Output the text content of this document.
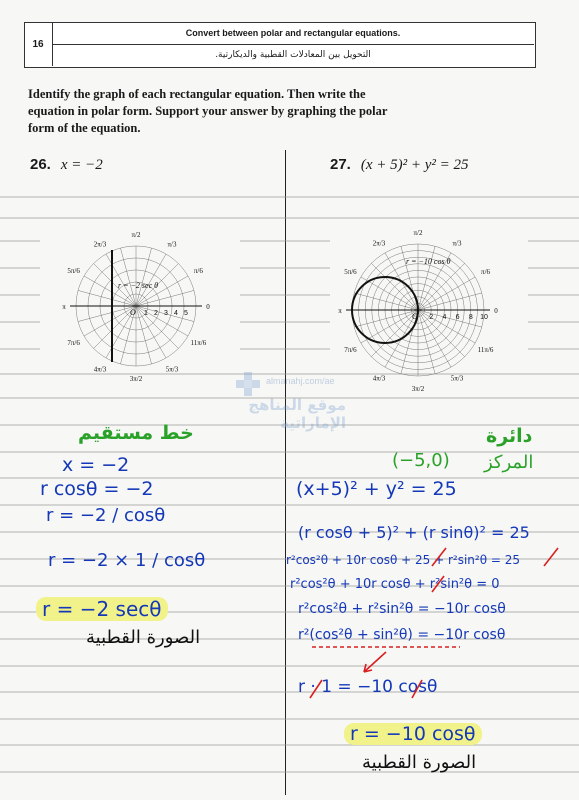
16
Convert between polar and rectangular equations.
التحويل بين المعادلات القطبية والديكارتية.
Identify the graph of each rectangular equation. Then write the equation in polar form. Support your answer by graphing the polar form of the equation.
26. x = −2	27. (x + 5)² + y² = 25
π/2
π/3
π/6
0
11π/6
5π/3
3π/2
4π/3
7π/6
π
5π/6
2π/3
1 2 3 4 5
O
r = −2 sec θ
π/2
π/3
π/6
0
11π/6
5π/3
3π/2
4π/3
7π/6
π
5π/6
2π/3
2 4 6 8 10
O
r = −10 cos θ
almanahj.com/ae
موقع المناهج الإماراتية
خط مستقيم
x = −2
r cosθ = −2
r = −2 / cosθ
r = −2 × 1 / cosθ
r = −2 secθ
الصورة القطبية
دائرة
(−5,0) المركز
(x+5)² + y² = 25
(r cosθ + 5)² + (r sinθ)² = 25
r²cos²θ + 10r cosθ + 25 + r²sin²θ = 25
r²cos²θ + 10r cosθ + r²sin²θ = 0
r²cos²θ + r²sin²θ = −10r cosθ
r²(cos²θ + sin²θ) = −10r cosθ
r · 1 = −10 cosθ
r = −10 cosθ
الصورة القطبية
